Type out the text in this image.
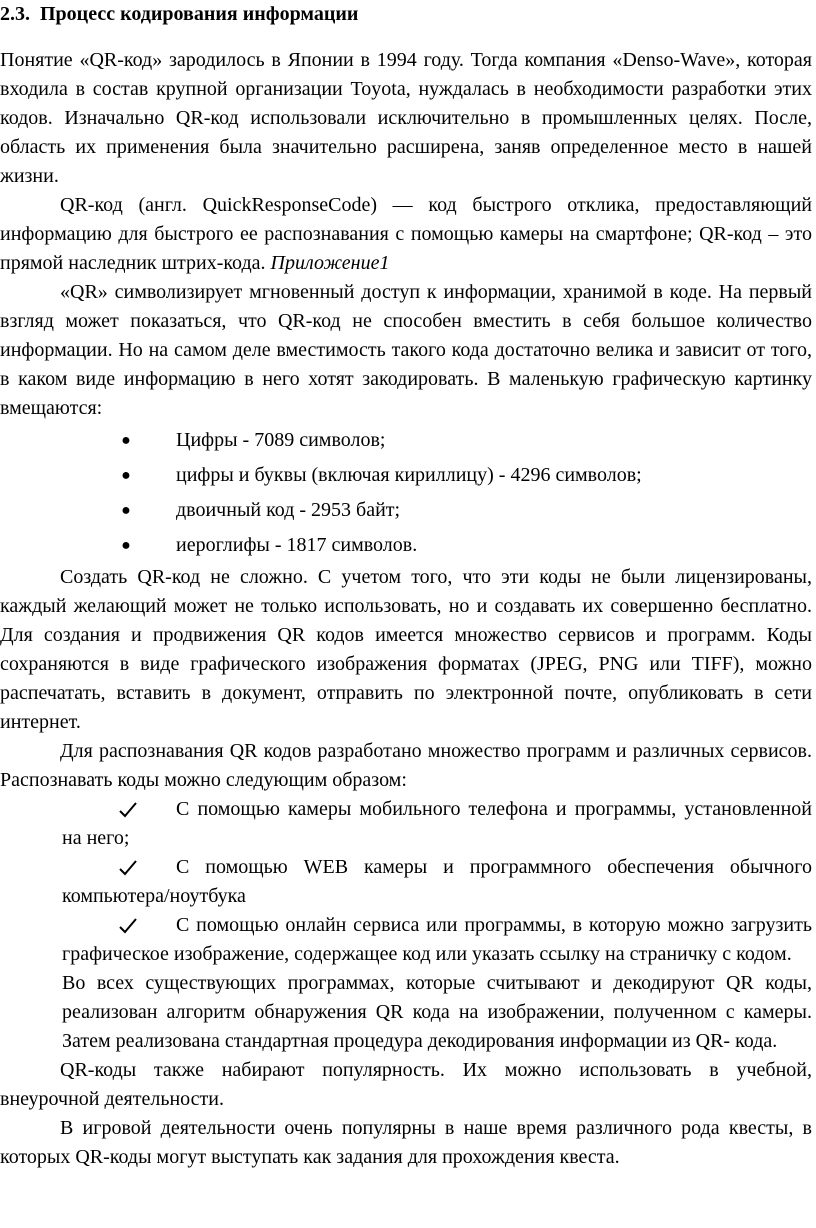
2.3. Процесс кодирования информации

Понятие «QR-код» зародилось в Японии в 1994 году. Тогда компания «Denso-Wave», которая входила в состав крупной организации Toyota, нуждалась в необходимости разработки этих кодов. Изначально QR-код использовали исключительно в промышленных целях. После, область их применения была значительно расширена, заняв определенное место в нашей жизни.

QR-код (англ. QuickResponseCode) — код быстрого отклика, предоставляющий информацию для быстрого ее распознавания с помощью камеры на смартфоне; QR-код – это прямой наследник штрих-кода. Приложение1

«QR» символизирует мгновенный доступ к информации, хранимой в коде. На первый взгляд может показаться, что QR-код не способен вместить в себя большое количество информации. Но на самом деле вместимость такого кода достаточно велика и зависит от того, в каком виде информацию в него хотят закодировать. В маленькую графическую картинку вмещаются:

● Цифры - 7089 символов;
● цифры и буквы (включая кириллицу) - 4296 символов;
● двоичный код - 2953 байт;
● иероглифы - 1817 символов.

Создать QR-код не сложно. С учетом того, что эти коды не были лицензированы, каждый желающий может не только использовать, но и создавать их совершенно бесплатно. Для создания и продвижения QR кодов имеется множество сервисов и программ. Коды сохраняются в виде графического изображения форматах (JPEG, PNG или TIFF), можно распечатать, вставить в документ, отправить по электронной почте, опубликовать в сети интернет.

Для распознавания QR кодов разработано множество программ и различных сервисов. Распознавать коды можно следующим образом:

С помощью камеры мобильного телефона и программы, установленной на него;
С помощью WEB камеры и программного обеспечения обычного компьютера/ноутбука
С помощью онлайн сервиса или программы, в которую можно загрузить графическое изображение, содержащее код или указать ссылку на страничку с кодом.

Во всех существующих программах, которые считывают и декодируют QR коды, реализован алгоритм обнаружения QR кода на изображении, полученном с камеры. Затем реализована стандартная процедура декодирования информации из QR- кода.

QR-коды также набирают популярность. Их можно использовать в учебной, внеурочной деятельности.

В игровой деятельности очень популярны в наше время различного рода квесты, в которых QR-коды могут выступать как задания для прохождения квеста.
